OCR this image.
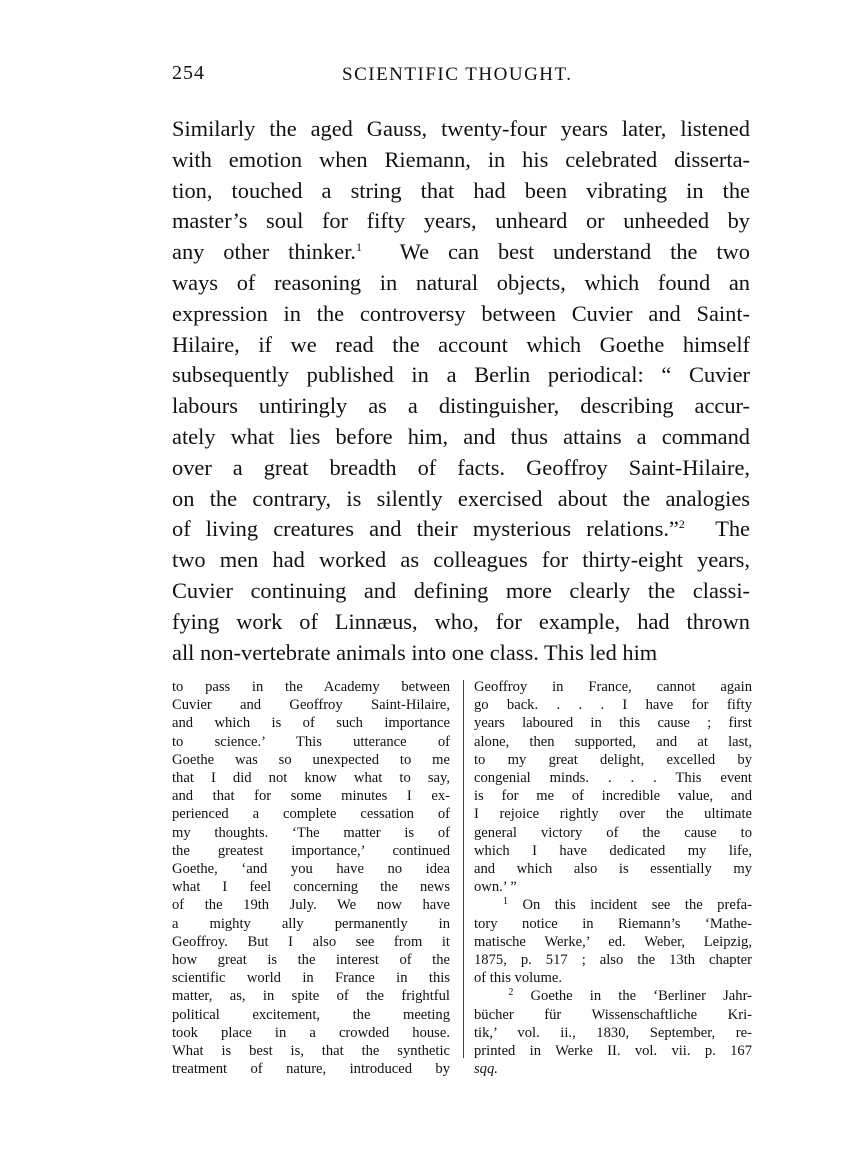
254	SCIENTIFIC THOUGHT.
Similarly the aged Gauss, twenty-four years later, listened
with emotion when Riemann, in his celebrated disserta-
tion, touched a string that had been vibrating in the
master’s soul for fifty years, unheard or unheeded by
any other thinker.$^1$ We can best understand the two
ways of reasoning in natural objects, which found an
expression in the controversy between Cuvier and Saint-
Hilaire, if we read the account which Goethe himself
subsequently published in a Berlin periodical: “ Cuvier
labours untiringly as a distinguisher, describing accur-
ately what lies before him, and thus attains a command
over a great breadth of facts. Geoffroy Saint-Hilaire,
on the contrary, is silently exercised about the analogies
of living creatures and their mysterious relations.”$^2$ The
two men had worked as colleagues for thirty-eight years,
Cuvier continuing and defining more clearly the classi-
fying work of Linnæus, who, for example, had thrown
all non-vertebrate animals into one class. This led him
to pass in the Academy between
Cuvier and Geoffroy Saint-Hilaire,
and which is of such importance
to science.’ This utterance of
Goethe was so unexpected to me
that I did not know what to say,
and that for some minutes I ex-
perienced a complete cessation of
my thoughts. ‘The matter is of
the greatest importance,’ continued
Goethe, ‘and you have no idea
what I feel concerning the news
of the 19th July. We now have
a mighty ally permanently in
Geoffroy. But I also see from it
how great is the interest of the
scientific world in France in this
matter, as, in spite of the frightful
political excitement, the meeting
took place in a crowded house.
What is best is, that the synthetic
treatment of nature, introduced by
Geoffroy in France, cannot again
go back. . . . I have for fifty
years laboured in this cause ; first
alone, then supported, and at last,
to my great delight, excelled by
congenial minds. . . . This event
is for me of incredible value, and
I rejoice rightly over the ultimate
general victory of the cause to
which I have dedicated my life,
and which also is essentially my
own.’ ”
$^1$ On this incident see the prefa-
tory notice in Riemann’s ‘Mathe-
matische Werke,’ ed. Weber, Leipzig,
1875, p. 517 ; also the 13th chapter
of this volume.
$^2$ Goethe in the ‘Berliner Jahr-
bücher für Wissenschaftliche Kri-
tik,’ vol. ii., 1830, September, re-
printed in Werke II. vol. vii. p. 167
sqq.
